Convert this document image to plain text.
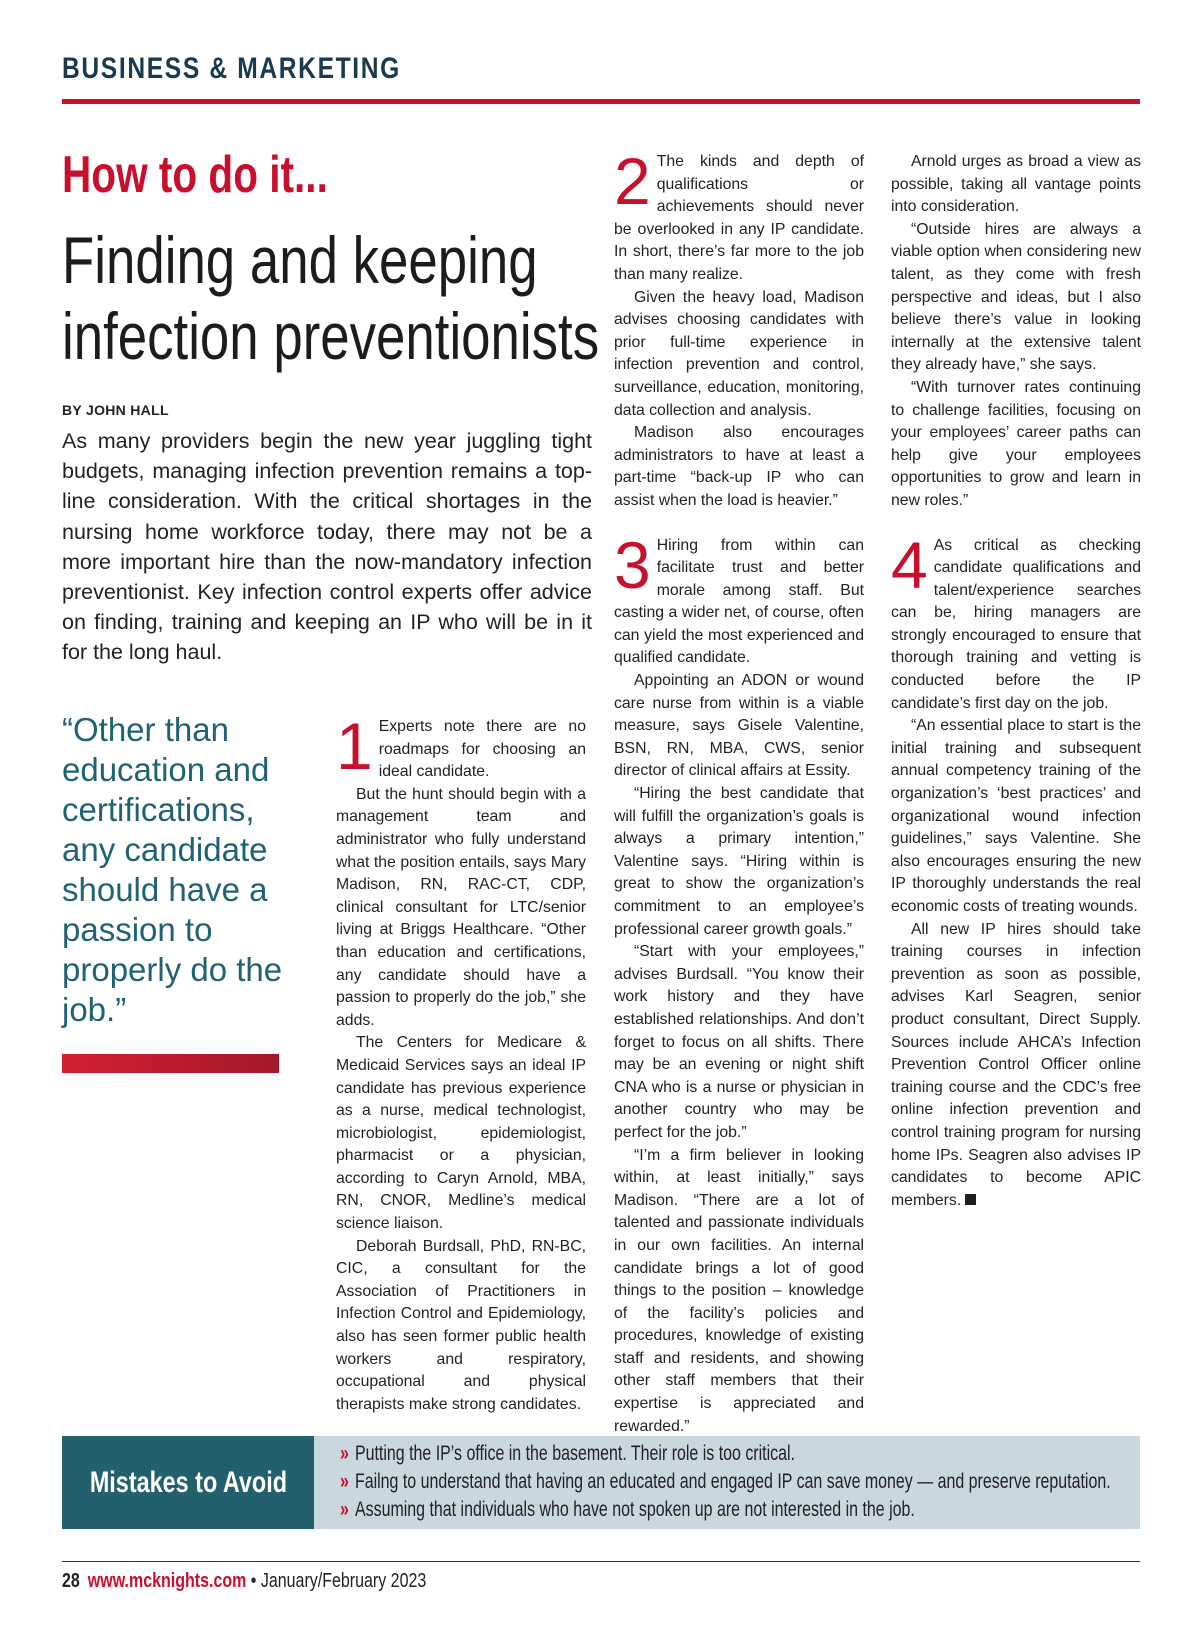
BUSINESS & MARKETING
How to do it...
Finding and keeping infection preventionists
BY JOHN HALL
As many providers begin the new year juggling tight budgets, managing infection prevention remains a top-line consideration. With the critical shortages in the nursing home workforce today, there may not be a more important hire than the now-mandatory infection preventionist. Key infection control experts offer advice on finding, training and keeping an IP who will be in it for the long haul.
“Other than education and certifications, any candidate should have a passion to properly do the job.”

1 Experts note there are no roadmaps for choosing an ideal candidate.

But the hunt should begin with a management team and administrator who fully understand what the position entails, says Mary Madison, RN, RAC-CT, CDP, clinical consultant for LTC/senior living at Briggs Healthcare. “Other than education and certifications, any candidate should have a passion to properly do the job,” she adds.

The Centers for Medicare & Medicaid Services says an ideal IP candidate has previous experience as a nurse, medical technologist, microbiologist, epidemiologist, pharmacist or a physician, according to Caryn Arnold, MBA, RN, CNOR, Medline’s medical science liaison.

Deborah Burdsall, PhD, RN-BC, CIC, a consultant for the Association of Practitioners in Infection Control and Epidemiology, also has seen former public health workers and respiratory, occupational and physical therapists make strong candidates.

2 The kinds and depth of qualifications or achievements should never be overlooked in any IP candidate. In short, there’s far more to the job than many realize.

Given the heavy load, Madison advises choosing candidates with prior full-time experience in infection prevention and control, surveillance, education, monitoring, data collection and analysis.

Madison also encourages administrators to have at least a part-time “back-up IP who can assist when the load is heavier.”

3 Hiring from within can facilitate trust and better morale among staff. But casting a wider net, of course, often can yield the most experienced and qualified candidate.

Appointing an ADON or wound care nurse from within is a viable measure, says Gisele Valentine, BSN, RN, MBA, CWS, senior director of clinical affairs at Essity.

“Hiring the best candidate that will fulfill the organization’s goals is always a primary intention,” Valentine says. “Hiring within is great to show the organization’s commitment to an employee’s professional career growth goals.”

“Start with your employees,” advises Burdsall. “You know their work history and they have established relationships. And don’t forget to focus on all shifts. There may be an evening or night shift CNA who is a nurse or physician in another country who may be perfect for the job.”

“I’m a firm believer in looking within, at least initially,” says Madison. “There are a lot of talented and passionate individuals in our own facilities. An internal candidate brings a lot of good things to the position – knowledge of the facility’s policies and procedures, knowledge of existing staff and residents, and showing other staff members that their expertise is appreciated and rewarded.”

Arnold urges as broad a view as possible, taking all vantage points into consideration.

“Outside hires are always a viable option when considering new talent, as they come with fresh perspective and ideas, but I also believe there’s value in looking internally at the extensive talent they already have,” she says.

“With turnover rates continuing to challenge facilities, focusing on your employees’ career paths can help give your employees opportunities to grow and learn in new roles.”

4 As critical as checking candidate qualifications and talent/experience searches can be, hiring managers are strongly encouraged to ensure that thorough training and vetting is conducted before the IP candidate’s first day on the job.

“An essential place to start is the initial training and subsequent annual competency training of the organization’s ‘best practices’ and organizational wound infection guidelines,” says Valentine. She also encourages ensuring the new IP thoroughly understands the real economic costs of treating wounds.

All new IP hires should take training courses in infection prevention as soon as possible, advises Karl Seagren, senior product consultant, Direct Supply. Sources include AHCA’s Infection Prevention Control Officer online training course and the CDC’s free online infection prevention and control training program for nursing home IPs. Seagren also advises IP candidates to become APIC members.

Mistakes to Avoid
» Putting the IP’s office in the basement. Their role is too critical.
» Failng to understand that having an educated and engaged IP can save money — and preserve reputation.
» Assuming that individuals who have not spoken up are not interested in the job.
28 www.mcknights.com • January/February 2023
